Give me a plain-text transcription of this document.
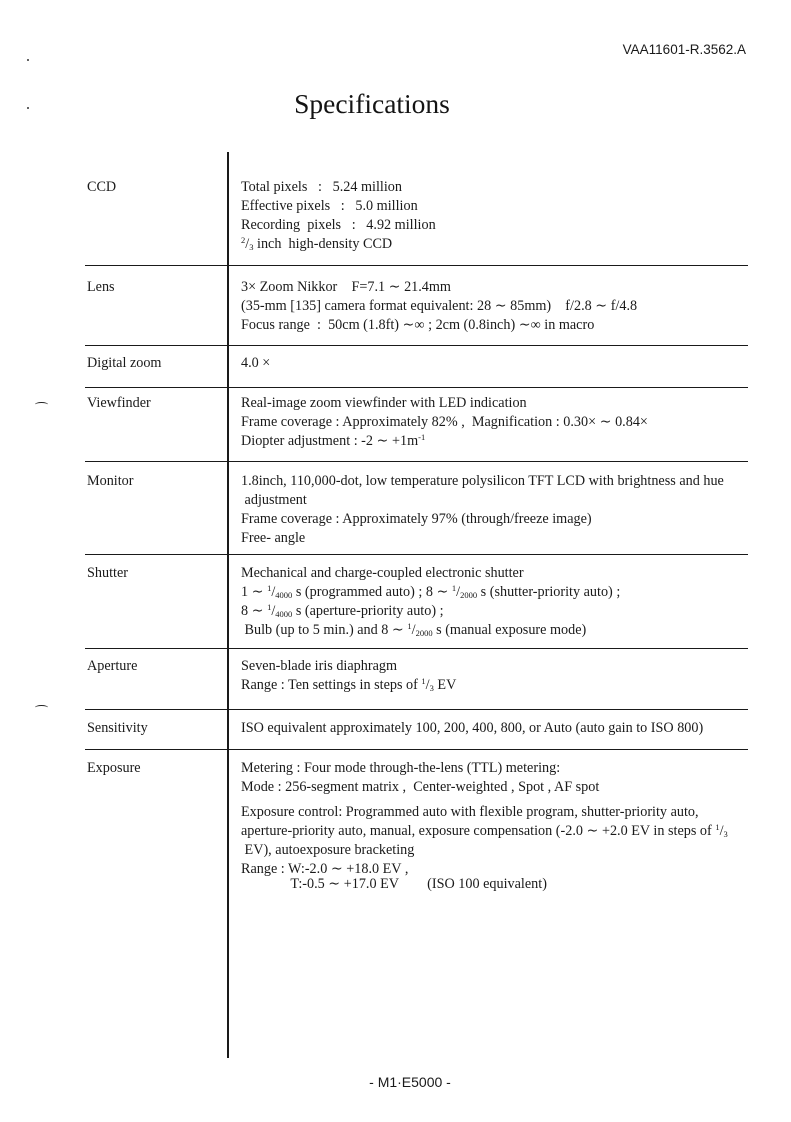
VAA11601-R.3562.A
Specifications
CCD	Total pixels   :   5.24 million
Effective pixels   :   5.0 million
Recording  pixels   :   4.92 million
$^2/_3$ inch  high-density CCD
Lens	3× Zoom Nikkor    F=7.1 ∼ 21.4mm
(35-mm [135] camera format equivalent: 28 ∼ 85mm)    f/2.8 ∼ f/4.8
Focus range  :  50cm (1.8ft) ∼∞ ; 2cm (0.8inch) ∼∞ in macro
Digital zoom	4.0 ×
Viewfinder	Real-image zoom viewfinder with LED indication
Frame coverage : Approximately 82% ,  Magnification : 0.30× ∼ 0.84×
Diopter adjustment : -2 ∼ $+1m^{-1}$
Monitor	1.8inch, 110,000-dot, low temperature polysilicon TFT LCD with brightness and hue
adjustment
Frame coverage : Approximately 97% (through/freeze image)
Free- angle
Shutter	Mechanical and charge-coupled electronic shutter
1 ∼ $^1/_{4000}$ s (programmed auto) ; 8 ∼ $^1/_{2000}$ s (shutter-priority auto) ;
8 ∼ $^1/_{4000}$ s (aperture-priority auto) ;
Bulb (up to 5 min.) and 8 ∼ $^1/_{2000}$ s (manual exposure mode)
Aperture	Seven-blade iris diaphragm
Range : Ten settings in steps of $^1/_3$ EV
Sensitivity	ISO equivalent approximately 100, 200, 400, 800, or Auto (auto gain to ISO 800)
Exposure	Metering : Four mode through-the-lens (TTL) metering:
Mode : 256-segment matrix ,  Center-weighted , Spot , AF spot
Exposure control: Programmed auto with flexible program, shutter-priority auto,
aperture-priority auto, manual, exposure compensation (-2.0 ∼ +2.0 EV in steps of $^1/_3$
EV), autoexposure bracketing
Range : W:-2.0 ∼ +18.0 EV ,
T:-0.5 ∼ +17.0 EV        (ISO 100 equivalent)
- M1·E5000 -
